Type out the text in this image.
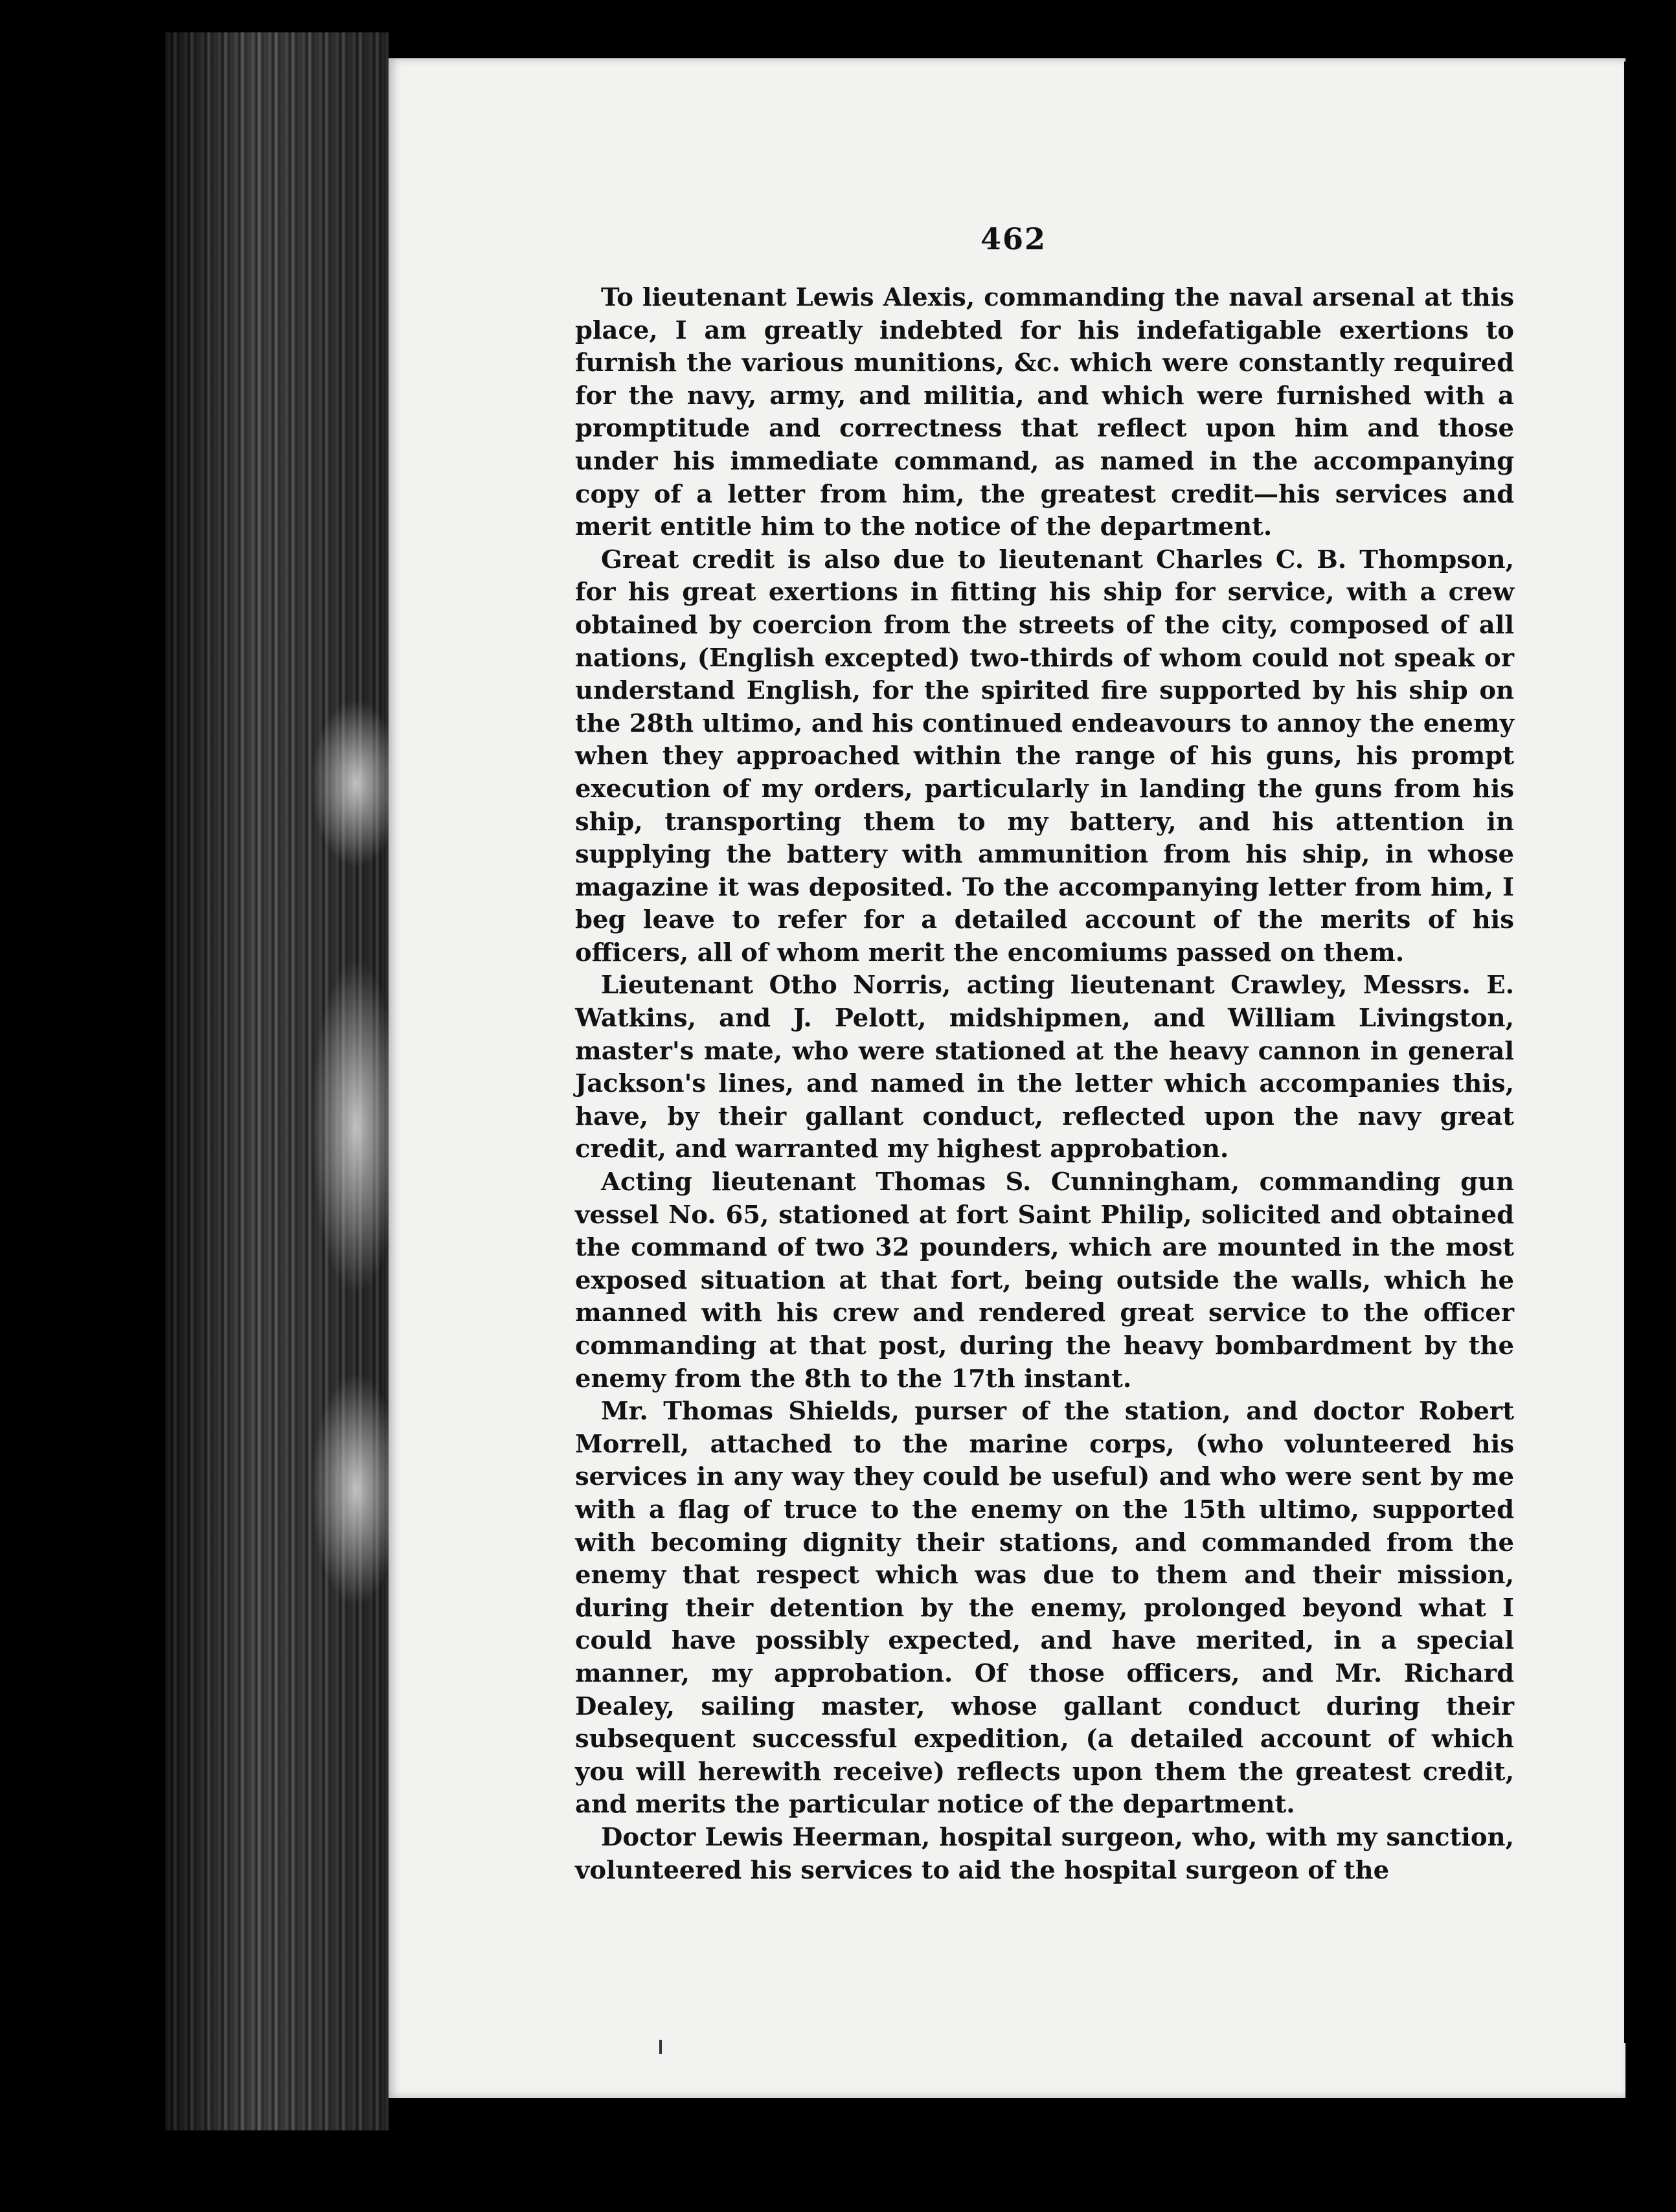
462

To lieutenant Lewis Alexis, commanding the naval arsenal at this place, I am greatly indebted for his indefatigable exertions to furnish the various munitions, &c. which were constantly required for the navy, army, and militia, and which were furnished with a promptitude and correctness that reflect upon him and those under his immediate command, as named in the accompanying copy of a letter from him, the greatest credit—his services and merit entitle him to the notice of the department.

Great credit is also due to lieutenant Charles C. B. Thompson, for his great exertions in fitting his ship for service, with a crew obtained by coercion from the streets of the city, composed of all nations, (English excepted) two-thirds of whom could not speak or understand English, for the spirited fire supported by his ship on the 28th ultimo, and his continued endeavours to annoy the enemy when they approached within the range of his guns, his prompt execution of my orders, particularly in landing the guns from his ship, transporting them to my battery, and his attention in supplying the battery with ammunition from his ship, in whose magazine it was deposited. To the accompanying letter from him, I beg leave to refer for a detailed account of the merits of his officers, all of whom merit the encomiums passed on them.

Lieutenant Otho Norris, acting lieutenant Crawley, Messrs. E. Watkins, and J. Pelott, midshipmen, and William Livingston, master's mate, who were stationed at the heavy cannon in general Jackson's lines, and named in the letter which accompanies this, have, by their gallant conduct, reflected upon the navy great credit, and warranted my highest approbation.

Acting lieutenant Thomas S. Cunningham, commanding gun vessel No. 65, stationed at fort Saint Philip, solicited and obtained the command of two 32 pounders, which are mounted in the most exposed situation at that fort, being outside the walls, which he manned with his crew and rendered great service to the officer commanding at that post, during the heavy bombardment by the enemy from the 8th to the 17th instant.

Mr. Thomas Shields, purser of the station, and doctor Robert Morrell, attached to the marine corps, (who volunteered his services in any way they could be useful) and who were sent by me with a flag of truce to the enemy on the 15th ultimo, supported with becoming dignity their stations, and commanded from the enemy that respect which was due to them and their mission, during their detention by the enemy, prolonged beyond what I could have possibly expected, and have merited, in a special manner, my approbation. Of those officers, and Mr. Richard Dealey, sailing master, whose gallant conduct during their subsequent successful expedition, (a detailed account of which you will herewith receive) reflects upon them the greatest credit, and merits the particular notice of the department.

Doctor Lewis Heerman, hospital surgeon, who, with my sanction, volunteered his services to aid the hospital surgeon of the
